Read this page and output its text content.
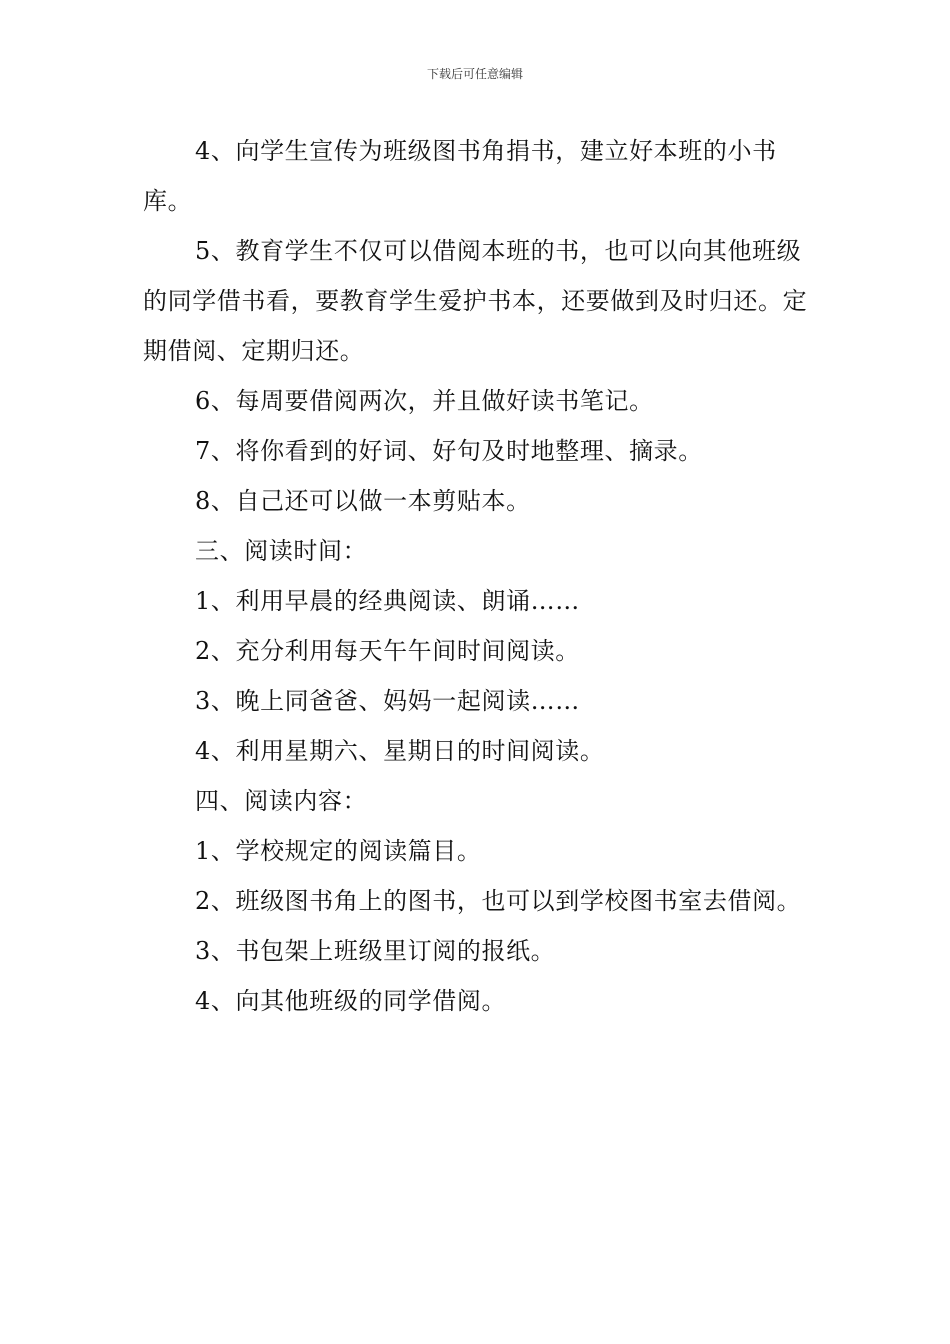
下载后可任意编辑

4、向学生宣传为班级图书角捐书，建立好本班的小书库。

5、教育学生不仅可以借阅本班的书，也可以向其他班级的同学借书看，要教育学生爱护书本，还要做到及时归还。定期借阅、定期归还。

6、每周要借阅两次，并且做好读书笔记。

7、将你看到的好词、好句及时地整理、摘录。

8、自己还可以做一本剪贴本。

三、阅读时间：

1、利用早晨的经典阅读、朗诵……

2、充分利用每天午午间时间阅读。

3、晚上同爸爸、妈妈一起阅读……

4、利用星期六、星期日的时间阅读。

四、阅读内容：

1、学校规定的阅读篇目。

2、班级图书角上的图书，也可以到学校图书室去借阅。

3、书包架上班级里订阅的报纸。

4、向其他班级的同学借阅。
